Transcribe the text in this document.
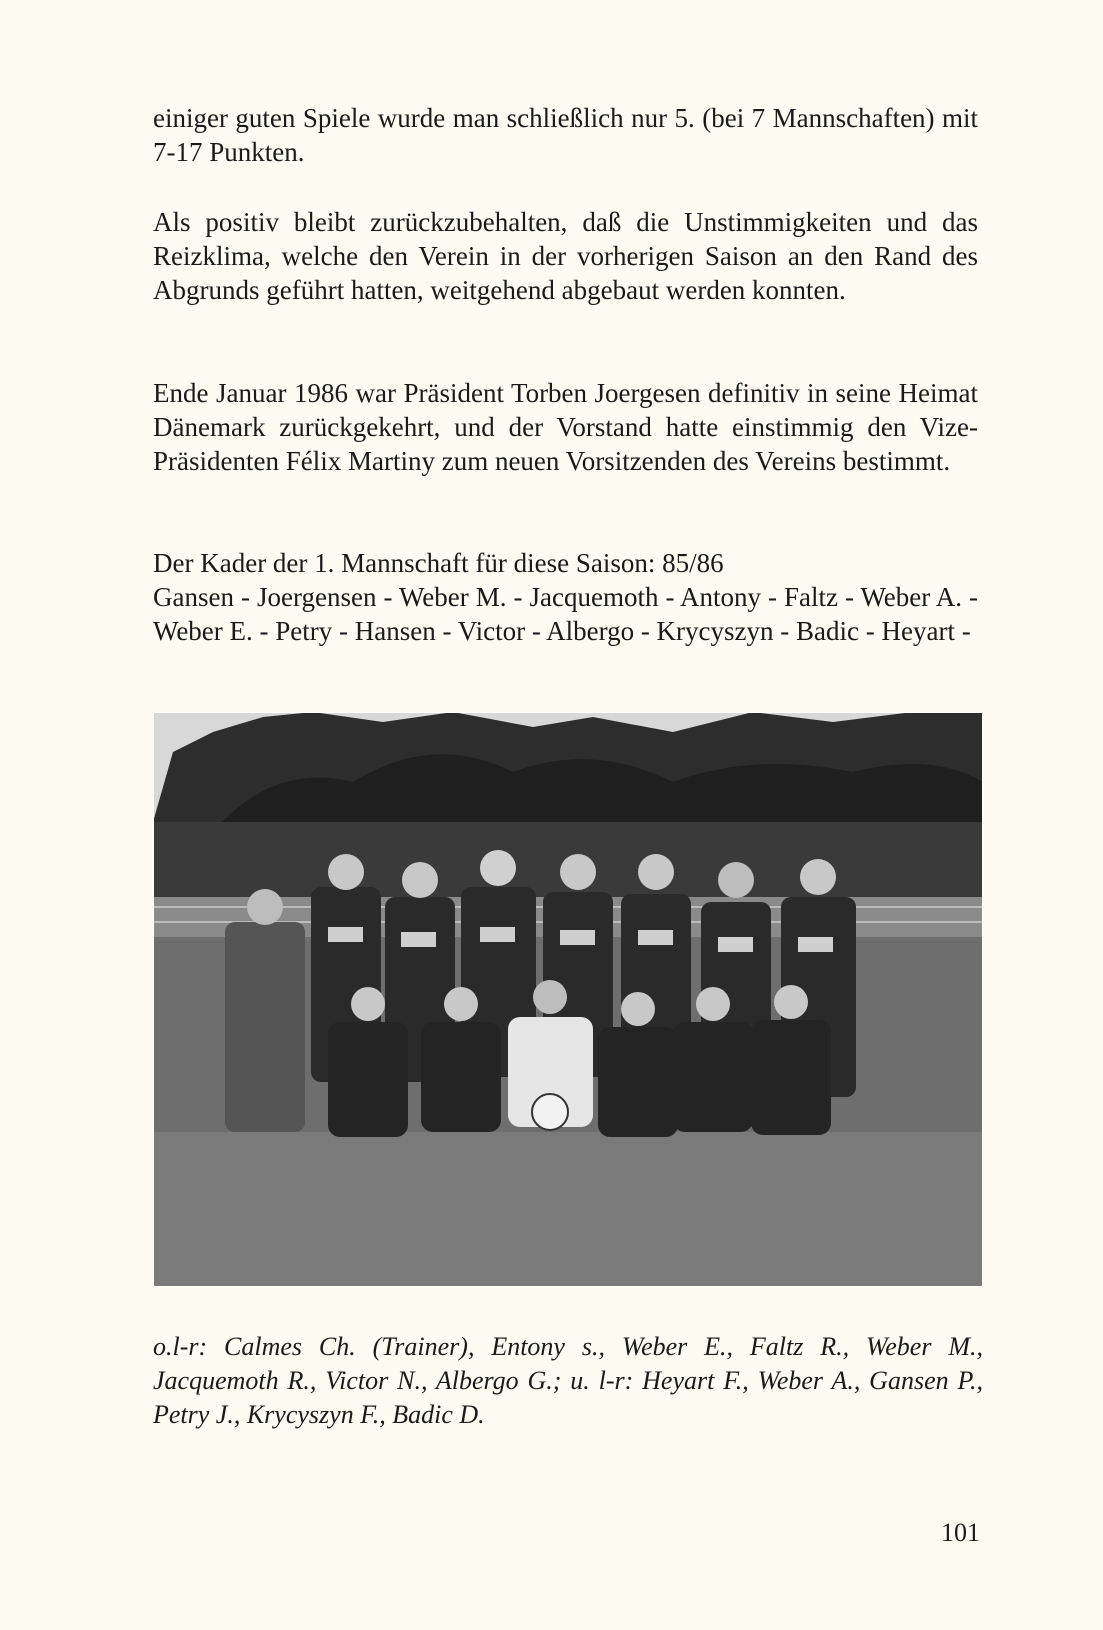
einiger guten Spiele wurde man schließlich nur 5. (bei 7 Mannschaften) mit 7-17 Punkten.

Als positiv bleibt zurückzubehalten, daß die Unstimmigkeiten und das Reizklima, welche den Verein in der vorherigen Saison an den Rand des Abgrunds geführt hatten, weitgehend abgebaut werden konnten.

Ende Januar 1986 war Präsident Torben Joergesen definitiv in seine Heimat Dänemark zurückgekehrt, und der Vorstand hatte einstimmig den Vize-Präsidenten Félix Martiny zum neuen Vorsitzenden des Vereins bestimmt.

Der Kader der 1. Mannschaft für diese Saison: 85/86

Gansen - Joergensen - Weber M. - Jacquemoth - Antony - Faltz - Weber A. - Weber E. - Petry - Hansen - Victor - Albergo - Krycyszyn - Badic - Heyart -

o.l-r: Calmes Ch. (Trainer), Entony s., Weber E., Faltz R., Weber M., Jacquemoth R., Victor N., Albergo G.; u. l-r: Heyart F., Weber A., Gansen P., Petry J., Krycyszyn F., Badic D.
101
